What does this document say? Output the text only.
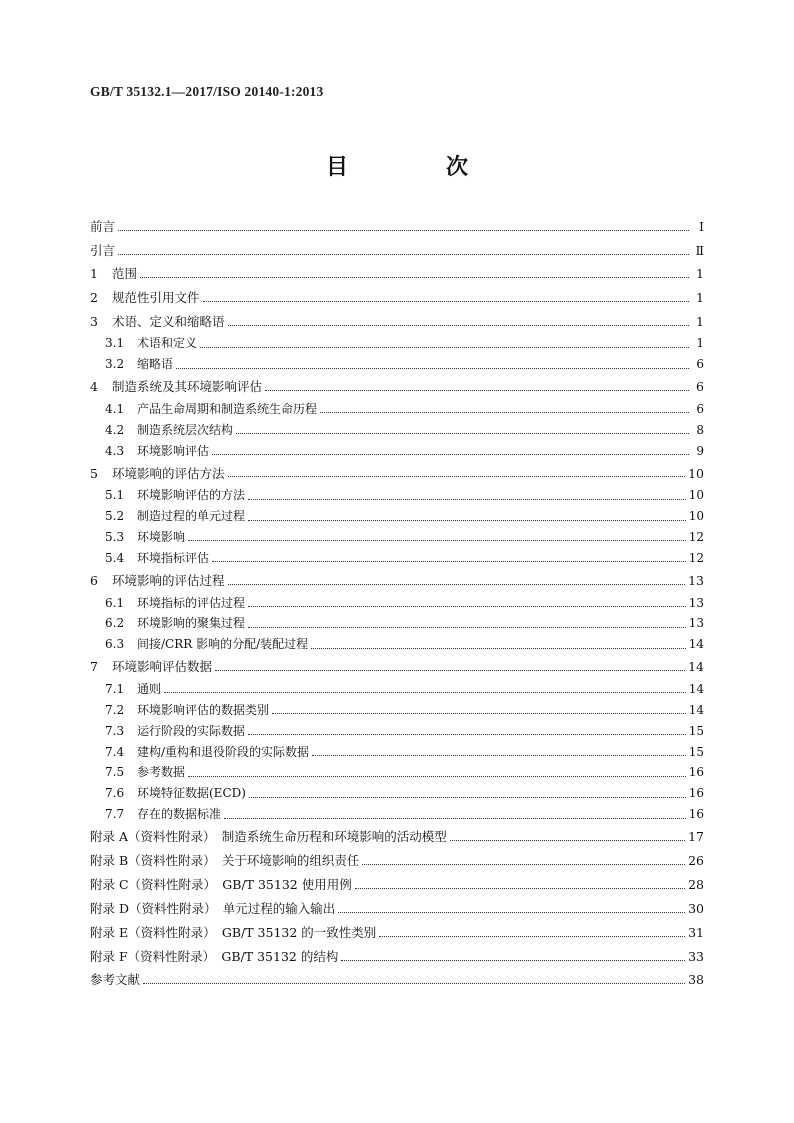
GB/T 35132.1—2017/ISO 20140-1:2013
目　次
前言	Ⅰ
引言	Ⅱ
1 范围	1
2 规范性引用文件	1
3 术语、定义和缩略语	1
3.1 术语和定义	1
3.2 缩略语	6
4 制造系统及其环境影响评估	6
4.1 产品生命周期和制造系统生命历程	6
4.2 制造系统层次结构	8
4.3 环境影响评估	9
5 环境影响的评估方法	10
5.1 环境影响评估的方法	10
5.2 制造过程的单元过程	10
5.3 环境影响	12
5.4 环境指标评估	12
6 环境影响的评估过程	13
6.1 环境指标的评估过程	13
6.2 环境影响的聚集过程	13
6.3 间接/CRR 影响的分配/装配过程	14
7 环境影响评估数据	14
7.1 通则	14
7.2 环境影响评估的数据类别	14
7.3 运行阶段的实际数据	15
7.4 建构/重构和退役阶段的实际数据	15
7.5 参考数据	16
7.6 环境特征数据(ECD)	16
7.7 存在的数据标准	16
附录 A（资料性附录）　制造系统生命历程和环境影响的活动模型	17
附录 B（资料性附录）　关于环境影响的组织责任	26
附录 C（资料性附录）　GB/T 35132 使用用例	28
附录 D（资料性附录）　单元过程的输入输出	30
附录 E（资料性附录）　GB/T 35132 的一致性类别	31
附录 F（资料性附录）　GB/T 35132 的结构	33
参考文献	38
